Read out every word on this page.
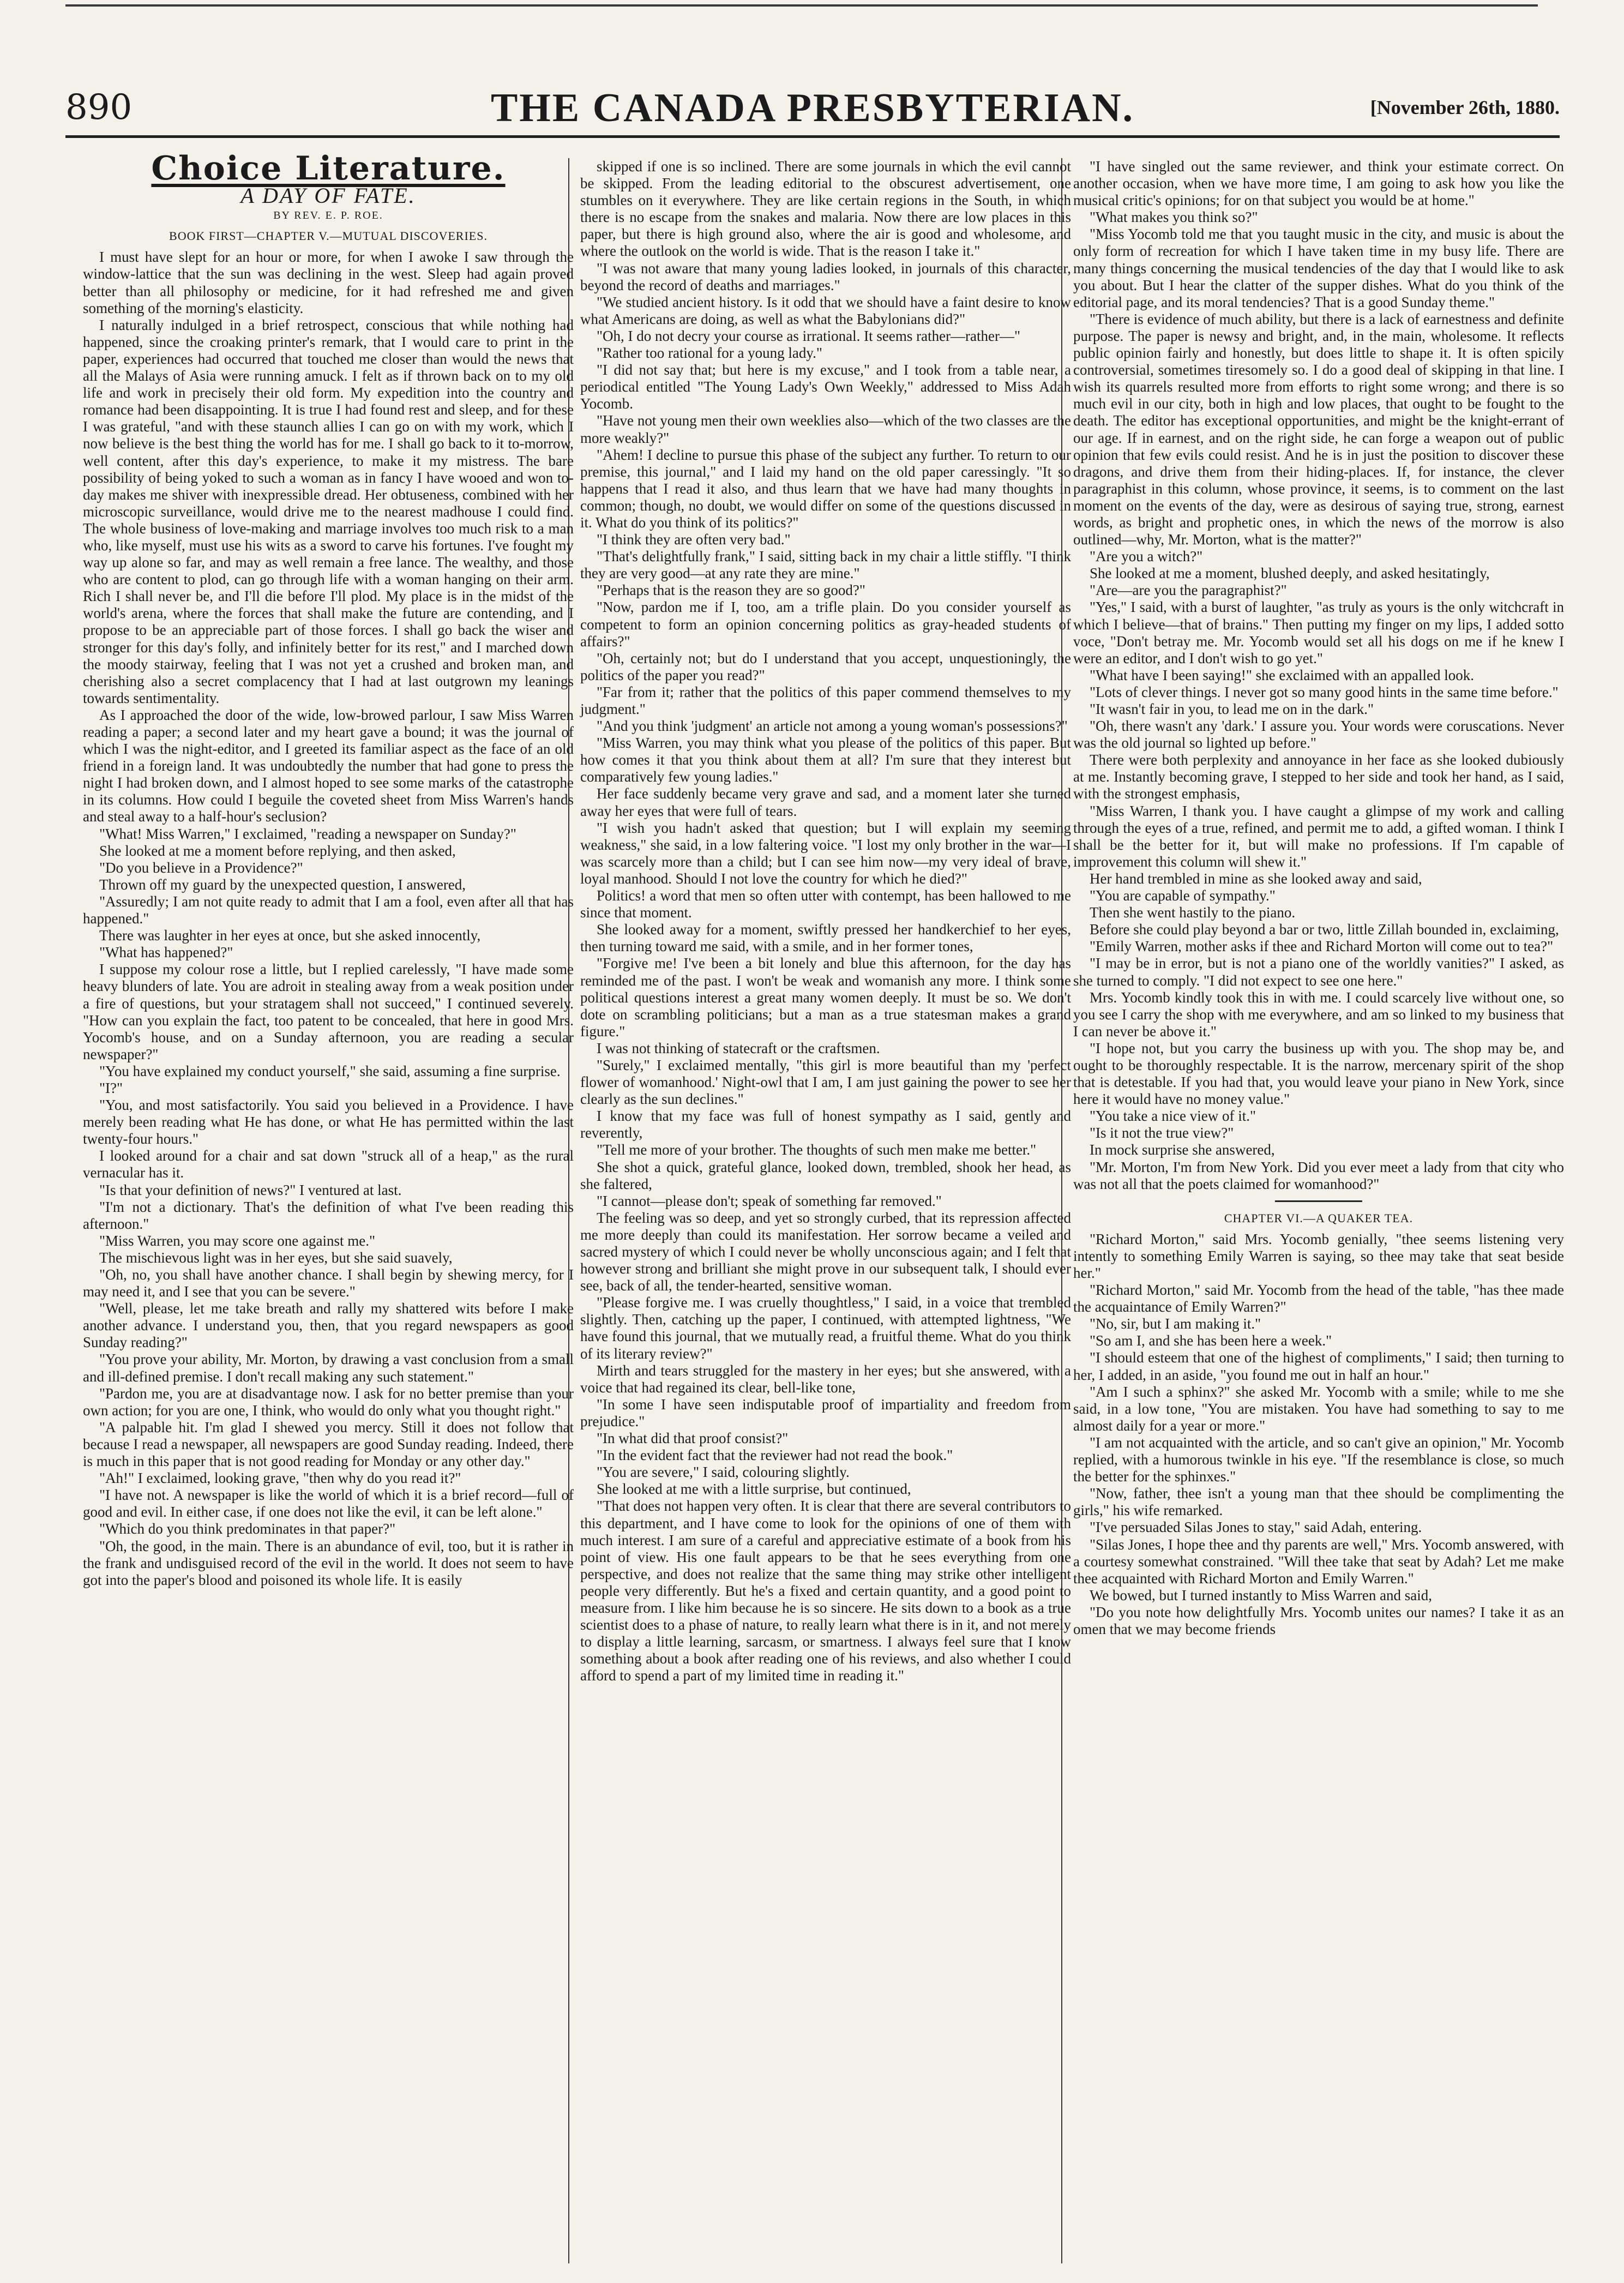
890	THE CANADA PRESBYTERIAN.	[November 26th, 1880.
Choice Literature.
A DAY OF FATE.
BY REV. E. P. ROE.
BOOK FIRST—CHAPTER V.—MUTUAL DISCOVERIES.

I must have slept for an hour or more, for when I awoke I saw through the window-lattice that the sun was declining in the west. Sleep had again proved better than all philosophy or medicine, for it had refreshed me and given something of the morning's elasticity.

I naturally indulged in a brief retrospect, conscious that while nothing had happened, since the croaking printer's remark, that I would care to print in the paper, experiences had occurred that touched me closer than would the news that all the Malays of Asia were running amuck. I felt as if thrown back on to my old life and work in precisely their old form. My expedition into the country and romance had been disappointing. It is true I had found rest and sleep, and for these I was grateful, "and with these staunch allies I can go on with my work, which I now believe is the best thing the world has for me. I shall go back to it to-morrow, well content, after this day's experience, to make it my mistress. The bare possibility of being yoked to such a woman as in fancy I have wooed and won to-day makes me shiver with inexpressible dread. Her obtuseness, combined with her microscopic surveillance, would drive me to the nearest madhouse I could find. The whole business of love-making and marriage involves too much risk to a man who, like myself, must use his wits as a sword to carve his fortunes. I've fought my way up alone so far, and may as well remain a free lance. The wealthy, and those who are content to plod, can go through life with a woman hanging on their arm. Rich I shall never be, and I'll die before I'll plod. My place is in the midst of the world's arena, where the forces that shall make the future are contending, and I propose to be an appreciable part of those forces. I shall go back the wiser and stronger for this day's folly, and infinitely better for its rest," and I marched down the moody stairway, feeling that I was not yet a crushed and broken man, and cherishing also a secret complacency that I had at last outgrown my leanings towards sentimentality.

As I approached the door of the wide, low-browed parlour, I saw Miss Warren reading a paper; a second later and my heart gave a bound; it was the journal of which I was the night-editor, and I greeted its familiar aspect as the face of an old friend in a foreign land. It was undoubtedly the number that had gone to press the night I had broken down, and I almost hoped to see some marks of the catastrophe in its columns. How could I beguile the coveted sheet from Miss Warren's hands and steal away to a half-hour's seclusion?

"What! Miss Warren," I exclaimed, "reading a newspaper on Sunday?"

She looked at me a moment before replying, and then asked,

"Do you believe in a Providence?"

Thrown off my guard by the unexpected question, I answered,

"Assuredly; I am not quite ready to admit that I am a fool, even after all that has happened."

There was laughter in her eyes at once, but she asked innocently,

"What has happened?"

I suppose my colour rose a little, but I replied carelessly, "I have made some heavy blunders of late. You are adroit in stealing away from a weak position under a fire of questions, but your stratagem shall not succeed," I continued severely. "How can you explain the fact, too patent to be concealed, that here in good Mrs. Yocomb's house, and on a Sunday afternoon, you are reading a secular newspaper?"

"You have explained my conduct yourself," she said, assuming a fine surprise.

"I?"

"You, and most satisfactorily. You said you believed in a Providence. I have merely been reading what He has done, or what He has permitted within the last twenty-four hours."

I looked around for a chair and sat down "struck all of a heap," as the rural vernacular has it.

"Is that your definition of news?" I ventured at last.

"I'm not a dictionary. That's the definition of what I've been reading this afternoon."

"Miss Warren, you may score one against me."

The mischievous light was in her eyes, but she said suavely,

"Oh, no, you shall have another chance. I shall begin by shewing mercy, for I may need it, and I see that you can be severe."

"Well, please, let me take breath and rally my shattered wits before I make another advance. I understand you, then, that you regard newspapers as good Sunday reading?"

"You prove your ability, Mr. Morton, by drawing a vast conclusion from a small and ill-defined premise. I don't recall making any such statement."

"Pardon me, you are at disadvantage now. I ask for no better premise than your own action; for you are one, I think, who would do only what you thought right."

"A palpable hit. I'm glad I shewed you mercy. Still it does not follow that because I read a newspaper, all newspapers are good Sunday reading. Indeed, there is much in this paper that is not good reading for Monday or any other day."

"Ah!" I exclaimed, looking grave, "then why do you read it?"

"I have not. A newspaper is like the world of which it is a brief record—full of good and evil. In either case, if one does not like the evil, it can be left alone."

"Which do you think predominates in that paper?"

"Oh, the good, in the main. There is an abundance of evil, too, but it is rather in the frank and undisguised record of the evil in the world. It does not seem to have got into the paper's blood and poisoned its whole life. It is easily

skipped if one is so inclined. There are some journals in which the evil cannot be skipped. From the leading editorial to the obscurest advertisement, one stumbles on it everywhere. They are like certain regions in the South, in which there is no escape from the snakes and malaria. Now there are low places in this paper, but there is high ground also, where the air is good and wholesome, and where the outlook on the world is wide. That is the reason I take it."

"I was not aware that many young ladies looked, in journals of this character, beyond the record of deaths and marriages."

"We studied ancient history. Is it odd that we should have a faint desire to know what Americans are doing, as well as what the Babylonians did?"

"Oh, I do not decry your course as irrational. It seems rather—rather—"

"Rather too rational for a young lady."

"I did not say that; but here is my excuse," and I took from a table near, a periodical entitled "The Young Lady's Own Weekly," addressed to Miss Adah Yocomb.

"Have not young men their own weeklies also—which of the two classes are the more weakly?"

"Ahem! I decline to pursue this phase of the subject any further. To return to our premise, this journal," and I laid my hand on the old paper caressingly. "It so happens that I read it also, and thus learn that we have had many thoughts in common; though, no doubt, we would differ on some of the questions discussed in it. What do you think of its politics?"

"I think they are often very bad."

"That's delightfully frank," I said, sitting back in my chair a little stiffly. "I think they are very good—at any rate they are mine."

"Perhaps that is the reason they are so good?"

"Now, pardon me if I, too, am a trifle plain. Do you consider yourself as competent to form an opinion concerning politics as gray-headed students of affairs?"

"Oh, certainly not; but do I understand that you accept, unquestioningly, the politics of the paper you read?"

"Far from it; rather that the politics of this paper commend themselves to my judgment."

"And you think 'judgment' an article not among a young woman's possessions?"

"Miss Warren, you may think what you please of the politics of this paper. But how comes it that you think about them at all? I'm sure that they interest but comparatively few young ladies."

Her face suddenly became very grave and sad, and a moment later she turned away her eyes that were full of tears.

"I wish you hadn't asked that question; but I will explain my seeming weakness," she said, in a low faltering voice. "I lost my only brother in the war—I was scarcely more than a child; but I can see him now—my very ideal of brave, loyal manhood. Should I not love the country for which he died?"

Politics! a word that men so often utter with contempt, has been hallowed to me since that moment.

She looked away for a moment, swiftly pressed her handkerchief to her eyes, then turning toward me said, with a smile, and in her former tones,

"Forgive me! I've been a bit lonely and blue this afternoon, for the day has reminded me of the past. I won't be weak and womanish any more. I think some political questions interest a great many women deeply. It must be so. We don't dote on scrambling politicians; but a man as a true statesman makes a grand figure."

I was not thinking of statecraft or the craftsmen.

"Surely," I exclaimed mentally, "this girl is more beautiful than my 'perfect flower of womanhood.' Night-owl that I am, I am just gaining the power to see her clearly as the sun declines."

I know that my face was full of honest sympathy as I said, gently and reverently,

"Tell me more of your brother. The thoughts of such men make me better."

She shot a quick, grateful glance, looked down, trembled, shook her head, as she faltered,

"I cannot—please don't; speak of something far removed."

The feeling was so deep, and yet so strongly curbed, that its repression affected me more deeply than could its manifestation. Her sorrow became a veiled and sacred mystery of which I could never be wholly unconscious again; and I felt that however strong and brilliant she might prove in our subsequent talk, I should ever see, back of all, the tender-hearted, sensitive woman.

"Please forgive me. I was cruelly thoughtless," I said, in a voice that trembled slightly. Then, catching up the paper, I continued, with attempted lightness, "We have found this journal, that we mutually read, a fruitful theme. What do you think of its literary review?"

Mirth and tears struggled for the mastery in her eyes; but she answered, with a voice that had regained its clear, bell-like tone,

"In some I have seen indisputable proof of impartiality and freedom from prejudice."

"In what did that proof consist?"

"In the evident fact that the reviewer had not read the book."

"You are severe," I said, colouring slightly.

She looked at me with a little surprise, but continued,

"That does not happen very often. It is clear that there are several contributors to this department, and I have come to look for the opinions of one of them with much interest. I am sure of a careful and appreciative estimate of a book from his point of view. His one fault appears to be that he sees everything from one perspective, and does not realize that the same thing may strike other intelligent people very differently. But he's a fixed and certain quantity, and a good point to measure from. I like him because he is so sincere. He sits down to a book as a true scientist does to a phase of nature, to really learn what there is in it, and not merely to display a little learning, sarcasm, or smartness. I always feel sure that I know something about a book after reading one of his reviews, and also whether I could afford to spend a part of my limited time in reading it."

"I have singled out the same reviewer, and think your estimate correct. On another occasion, when we have more time, I am going to ask how you like the musical critic's opinions; for on that subject you would be at home."

"What makes you think so?"

"Miss Yocomb told me that you taught music in the city, and music is about the only form of recreation for which I have taken time in my busy life. There are many things concerning the musical tendencies of the day that I would like to ask you about. But I hear the clatter of the supper dishes. What do you think of the editorial page, and its moral tendencies? That is a good Sunday theme."

"There is evidence of much ability, but there is a lack of earnestness and definite purpose. The paper is newsy and bright, and, in the main, wholesome. It reflects public opinion fairly and honestly, but does little to shape it. It is often spicily controversial, sometimes tiresomely so. I do a good deal of skipping in that line. I wish its quarrels resulted more from efforts to right some wrong; and there is so much evil in our city, both in high and low places, that ought to be fought to the death. The editor has exceptional opportunities, and might be the knight-errant of our age. If in earnest, and on the right side, he can forge a weapon out of public opinion that few evils could resist. And he is in just the position to discover these dragons, and drive them from their hiding-places. If, for instance, the clever paragraphist in this column, whose province, it seems, is to comment on the last moment on the events of the day, were as desirous of saying true, strong, earnest words, as bright and prophetic ones, in which the news of the morrow is also outlined—why, Mr. Morton, what is the matter?"

"Are you a witch?"

She looked at me a moment, blushed deeply, and asked hesitatingly,

"Are—are you the paragraphist?"

"Yes," I said, with a burst of laughter, "as truly as yours is the only witchcraft in which I believe—that of brains." Then putting my finger on my lips, I added sotto voce, "Don't betray me. Mr. Yocomb would set all his dogs on me if he knew I were an editor, and I don't wish to go yet."

"What have I been saying!" she exclaimed with an appalled look.

"Lots of clever things. I never got so many good hints in the same time before."

"It wasn't fair in you, to lead me on in the dark."

"Oh, there wasn't any 'dark.' I assure you. Your words were coruscations. Never was the old journal so lighted up before."

There were both perplexity and annoyance in her face as she looked dubiously at me. Instantly becoming grave, I stepped to her side and took her hand, as I said, with the strongest emphasis,

"Miss Warren, I thank you. I have caught a glimpse of my work and calling through the eyes of a true, refined, and permit me to add, a gifted woman. I think I shall be the better for it, but will make no professions. If I'm capable of improvement this column will shew it."

Her hand trembled in mine as she looked away and said,

"You are capable of sympathy."

Then she went hastily to the piano.

Before she could play beyond a bar or two, little Zillah bounded in, exclaiming,

"Emily Warren, mother asks if thee and Richard Morton will come out to tea?"

"I may be in error, but is not a piano one of the worldly vanities?" I asked, as she turned to comply. "I did not expect to see one here."

Mrs. Yocomb kindly took this in with me. I could scarcely live without one, so you see I carry the shop with me everywhere, and am so linked to my business that I can never be above it."

"I hope not, but you carry the business up with you. The shop may be, and ought to be thoroughly respectable. It is the narrow, mercenary spirit of the shop that is detestable. If you had that, you would leave your piano in New York, since here it would have no money value."

"You take a nice view of it."

"Is it not the true view?"

In mock surprise she answered,

"Mr. Morton, I'm from New York. Did you ever meet a lady from that city who was not all that the poets claimed for womanhood?"

CHAPTER VI.—A QUAKER TEA.

"Richard Morton," said Mrs. Yocomb genially, "thee seems listening very intently to something Emily Warren is saying, so thee may take that seat beside her."

"Richard Morton," said Mr. Yocomb from the head of the table, "has thee made the acquaintance of Emily Warren?"

"No, sir, but I am making it."

"So am I, and she has been here a week."

"I should esteem that one of the highest of compliments," I said; then turning to her, I added, in an aside, "you found me out in half an hour."

"Am I such a sphinx?" she asked Mr. Yocomb with a smile; while to me she said, in a low tone, "You are mistaken. You have had something to say to me almost daily for a year or more."

"I am not acquainted with the article, and so can't give an opinion," Mr. Yocomb replied, with a humorous twinkle in his eye. "If the resemblance is close, so much the better for the sphinxes."

"Now, father, thee isn't a young man that thee should be complimenting the girls," his wife remarked.

"I've persuaded Silas Jones to stay," said Adah, entering.

"Silas Jones, I hope thee and thy parents are well," Mrs. Yocomb answered, with a courtesy somewhat constrained. "Will thee take that seat by Adah? Let me make thee acquainted with Richard Morton and Emily Warren."

We bowed, but I turned instantly to Miss Warren and said,

"Do you note how delightfully Mrs. Yocomb unites our names? I take it as an omen that we may become friends
